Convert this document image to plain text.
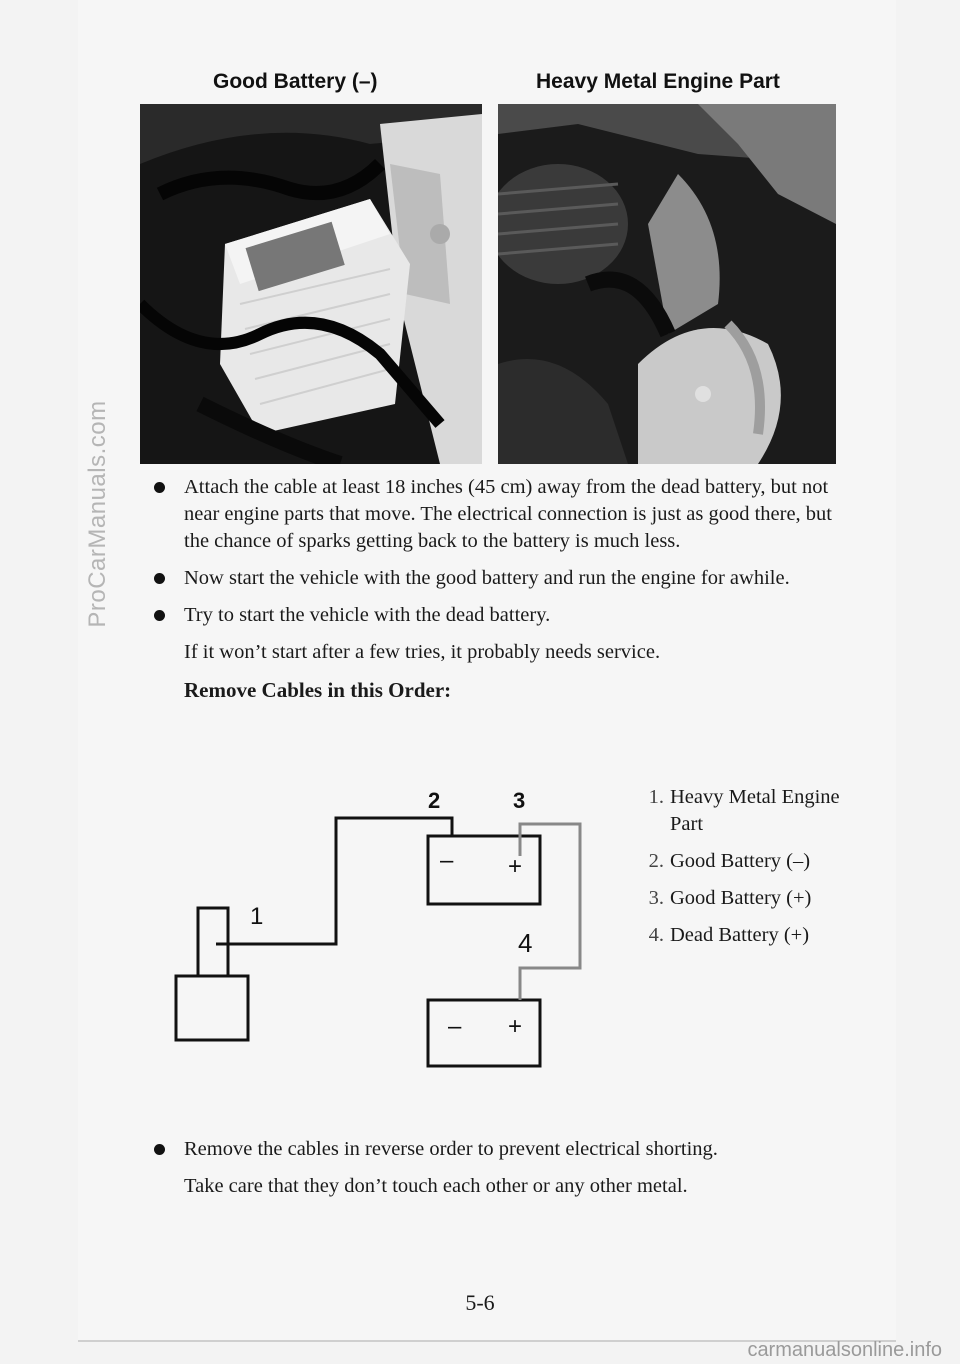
ProCarManuals.com
Good Battery (–)	Heavy Metal Engine Part
Attach the cable at least 18 inches (45 cm) away from the dead battery, but not near engine parts that move. The electrical connection is just as good there, but the chance of sparks getting back to the battery is much less.
Now start the vehicle with the good battery and run the engine for awhile.
Try to start the vehicle with the dead battery.
If it won’t start after a few tries, it probably needs service.
Remove Cables in this Order:
2	3
1
4
– +
– +
1. Heavy Metal Engine Part
2. Good Battery (–)
3. Good Battery (+)
4. Dead Battery (+)
Remove the cables in reverse order to prevent electrical shorting.
Take care that they don’t touch each other or any other metal.
5-6
carmanualsonline.info
